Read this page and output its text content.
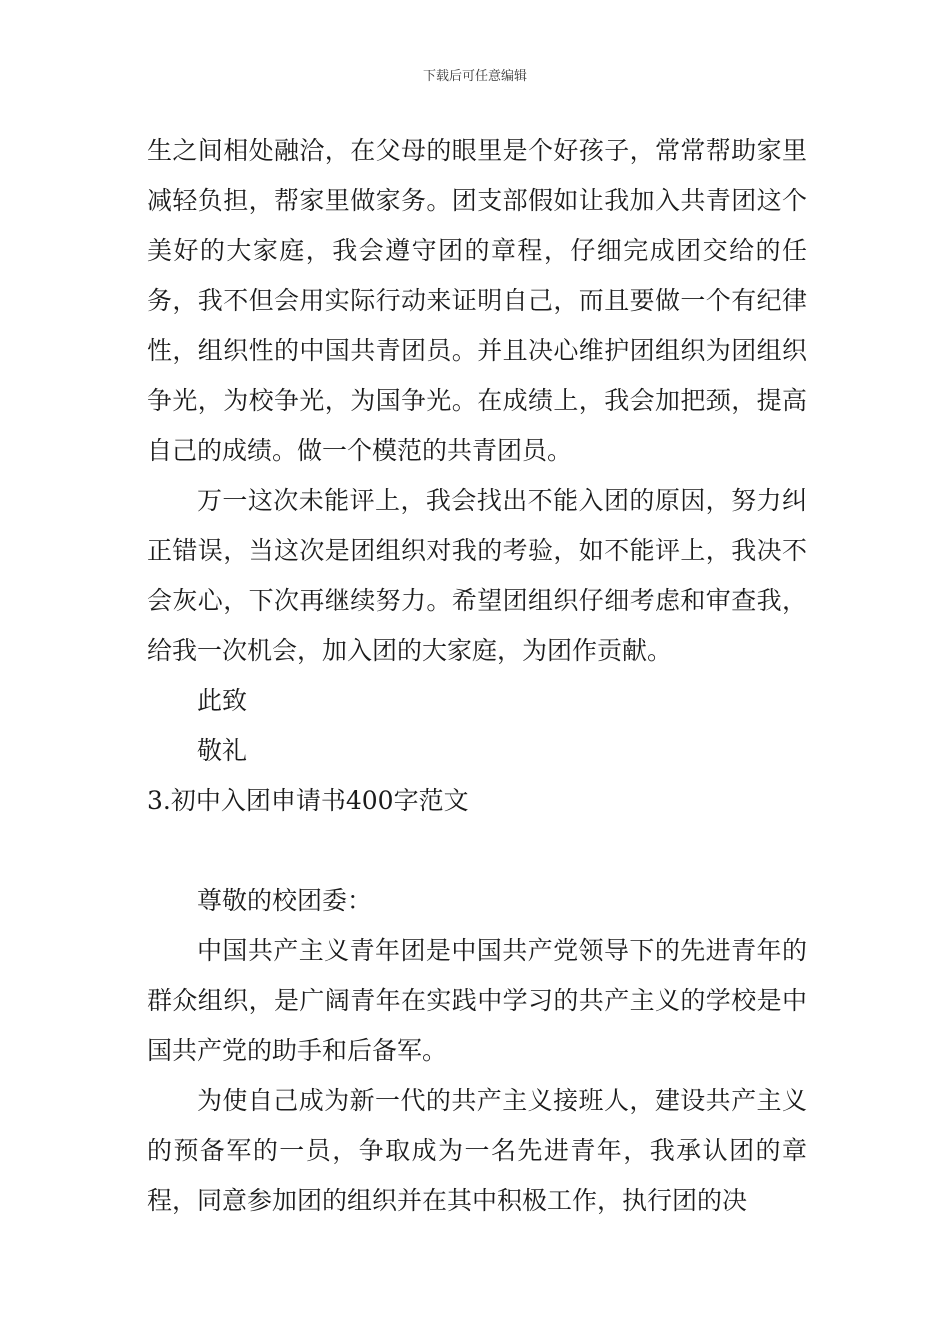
下载后可任意编辑

生之间相处融洽，在父母的眼里是个好孩子，常常帮助家里减轻负担，帮家里做家务。团支部假如让我加入共青团这个美好的大家庭，我会遵守团的章程，仔细完成团交给的任务，我不但会用实际行动来证明自己，而且要做一个有纪律性，组织性的中国共青团员。并且决心维护团组织为团组织争光，为校争光，为国争光。在成绩上，我会加把颈，提高自己的成绩。做一个模范的共青团员。

万一这次未能评上，我会找出不能入团的原因，努力纠正错误，当这次是团组织对我的考验，如不能评上，我决不会灰心，下次再继续努力。希望团组织仔细考虑和审查我，给我一次机会，加入团的大家庭，为团作贡献。

此致

敬礼

3.初中入团申请书400字范文

尊敬的校团委：

中国共产主义青年团是中国共产党领导下的先进青年的群众组织，是广阔青年在实践中学习的共产主义的学校是中国共产党的助手和后备军。

为使自己成为新一代的共产主义接班人，建设共产主义的预备军的一员，争取成为一名先进青年，我承认团的章程，同意参加团的组织并在其中积极工作，执行团的决
